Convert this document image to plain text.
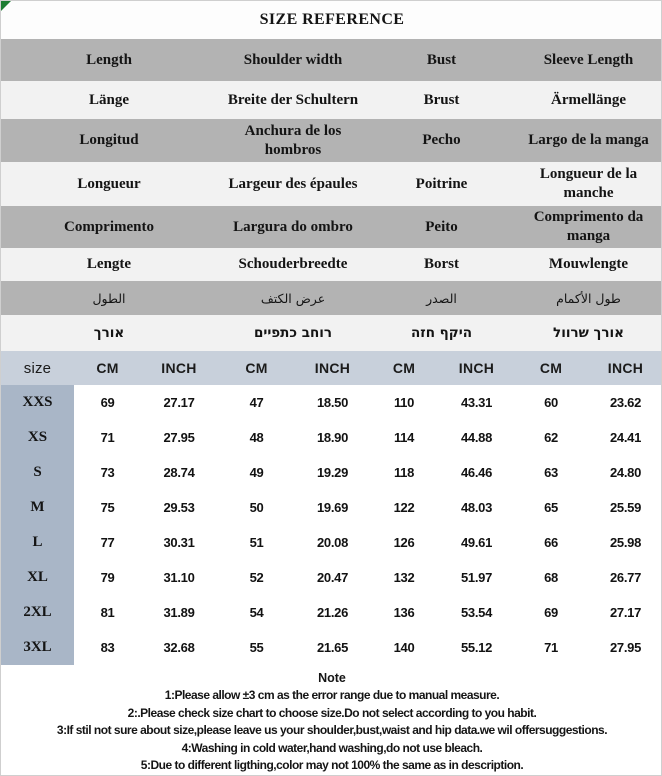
SIZE REFERENCE								
Length			Shoulder width		Bust		Sleeve Length	
Länge			Breite der Schultern		Brust		Ärmellänge	
Longitud			Anchura de los hombros		Pecho		Largo de la manga	
Longueur			Largeur des épaules		Poitrine		Longueur de la manche	
Comprimento			Largura do ombro		Peito		Comprimento da manga	
Lengte			Schouderbreedte		Borst		Mouwlengte	
الطول			عرض الكتف		الصدر		طول الأكمام	
אורך			רוחב כתפיים		היקף חזה		אורך שרוול	
size	CM	INCH	CM	INCH	CM	INCH	CM	INCH
XXS	69	27.17	47	18.50	110	43.31	60	23.62
XS	71	27.95	48	18.90	114	44.88	62	24.41
S	73	28.74	49	19.29	118	46.46	63	24.80
M	75	29.53	50	19.69	122	48.03	65	25.59
L	77	30.31	51	20.08	126	49.61	66	25.98
XL	79	31.10	52	20.47	132	51.97	68	26.77
2XL	81	31.89	54	21.26	136	53.54	69	27.17
3XL	83	32.68	55	21.65	140	55.12	71	27.95
Note
1:Please allow ±3 cm as the error range due to manual measure.
2:.Please check size chart to choose size.Do not select according to you habit.
3:If stil not sure about size,please leave us your shoulder,bust,waist and hip data.we wil offersuggestions.
4:Washing in cold water,hand washing,do not use bleach.
5:Due to different ligthing,color may not 100% the same as in description.
